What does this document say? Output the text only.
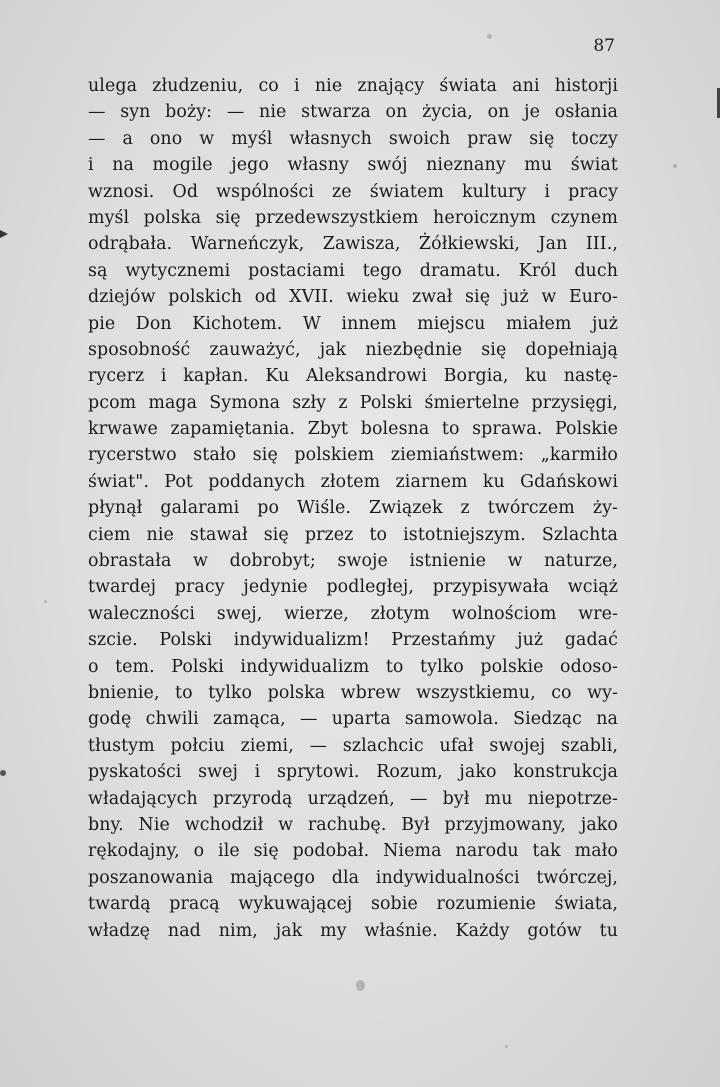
87
ulega złudzeniu, co i nie znający świata ani historji
— syn boży: — nie stwarza on życia, on je osłania
— a ono w myśl własnych swoich praw się toczy
i na mogile jego własny swój nieznany mu świat
wznosi. Od wspólności ze światem kultury i pracy
myśl polska się przedewszystkiem heroicznym czynem
odrąbała. Warneńczyk, Zawisza, Żółkiewski, Jan III.,
są wytycznemi postaciami tego dramatu. Król duch
dziejów polskich od XVII. wieku zwał się już w Euro-
pie Don Kichotem. W innem miejscu miałem już
sposobność zauważyć, jak niezbędnie się dopełniają
rycerz i kapłan. Ku Aleksandrowi Borgia, ku nastę-
pcom maga Symona szły z Polski śmiertelne przysięgi,
krwawe zapamiętania. Zbyt bolesna to sprawa. Polskie
rycerstwo stało się polskiem ziemiaństwem: „karmiło
świat". Pot poddanych złotem ziarnem ku Gdańskowi
płynął galarami po Wiśle. Związek z twórczem ży-
ciem nie stawał się przez to istotniejszym. Szlachta
obrastała w dobrobyt; swoje istnienie w naturze,
twardej pracy jedynie podległej, przypisywała wciąż
waleczności swej, wierze, złotym wolnościom wre-
szcie. Polski indywidualizm! Przestańmy już gadać
o tem. Polski indywidualizm to tylko polskie odoso-
bnienie, to tylko polska wbrew wszystkiemu, co wy-
godę chwili zamąca, — uparta samowola. Siedząc na
tłustym połciu ziemi, — szlachcic ufał swojej szabli,
pyskatości swej i sprytowi. Rozum, jako konstrukcja
władających przyrodą urządzeń, — był mu niepotrze-
bny. Nie wchodził w rachubę. Był przyjmowany, jako
rękodajny, o ile się podobał. Niema narodu tak mało
poszanowania mającego dla indywidualności twórczej,
twardą pracą wykuwającej sobie rozumienie świata,
władzę nad nim, jak my właśnie. Każdy gotów tu
